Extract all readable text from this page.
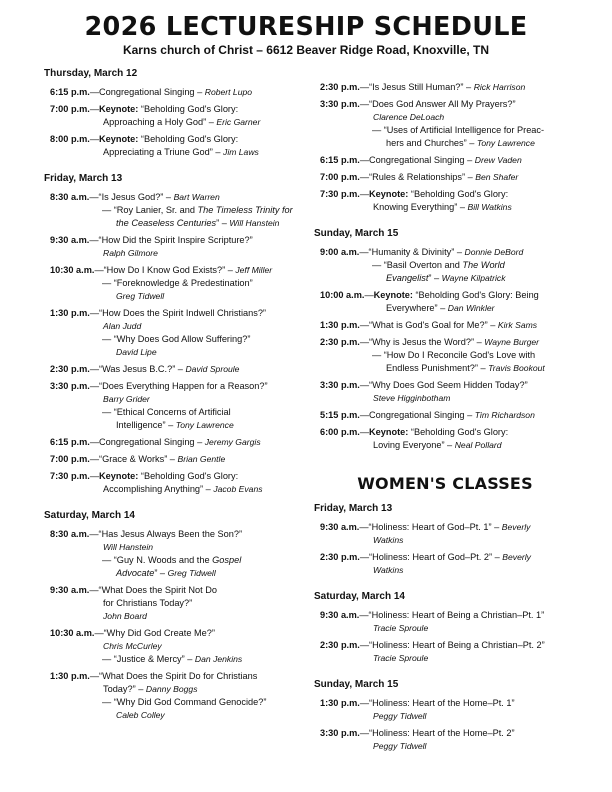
2026 LECTURESHIP SCHEDULE
Karns church of Christ – 6612 Beaver Ridge Road, Knoxville, TN
Thursday, March 12
6:15 p.m.—Congregational Singing – Robert Lupo
7:00 p.m.—Keynote: “Beholding God's Glory:
Approaching a Holy God” – Eric Garner
8:00 p.m.—Keynote: “Beholding God's Glory:
Appreciating a Triune God” – Jim Laws
Friday, March 13
8:30 a.m.—“Is Jesus God?” – Bart Warren
— “Roy Lanier, Sr. and The Timeless Trinity for
the Ceaseless Centuries” – Will Hanstein
9:30 a.m.—“How Did the Spirit Inspire Scripture?”
Ralph Gilmore
10:30 a.m.—“How Do I Know God Exists?” – Jeff Miller
— “Foreknowledge & Predestination”
Greg Tidwell
1:30 p.m.—“How Does the Spirit Indwell Christians?”
Alan Judd
— “Why Does God Allow Suffering?”
David Lipe
2:30 p.m.—“Was Jesus B.C.?” – David Sproule
3:30 p.m.—“Does Everything Happen for a Reason?”
Barry Grider
— “Ethical Concerns of Artificial
Intelligence” – Tony Lawrence
6:15 p.m.—Congregational Singing – Jeremy Gargis
7:00 p.m.—“Grace & Works” – Brian Gentle
7:30 p.m.—Keynote: “Beholding God's Glory:
Accomplishing Anything” – Jacob Evans
Saturday, March 14
8:30 a.m.—“Has Jesus Always Been the Son?”
Will Hanstein
— “Guy N. Woods and the Gospel
Advocate” – Greg Tidwell
9:30 a.m.—“What Does the Spirit Not Do
for Christians Today?”
John Board
10:30 a.m.—“Why Did God Create Me?”
Chris McCurley
— “Justice & Mercy” – Dan Jenkins
1:30 p.m.—“What Does the Spirit Do for Christians
Today?” – Danny Boggs
— “Why Did God Command Genocide?”
Caleb Colley
2:30 p.m.—“Is Jesus Still Human?” – Rick Harrison
3:30 p.m.—“Does God Answer All My Prayers?”
Clarence DeLoach
— “Uses of Artificial Intelligence for Preac-
hers and Churches” – Tony Lawrence
6:15 p.m.—Congregational Singing – Drew Vaden
7:00 p.m.—“Rules & Relationships” – Ben Shafer
7:30 p.m.—Keynote: “Beholding God's Glory:
Knowing Everything” – Bill Watkins
Sunday, March 15
9:00 a.m.—“Humanity & Divinity” – Donnie DeBord
— “Basil Overton and The World
Evangelist” – Wayne Kilpatrick
10:00 a.m.—Keynote: “Beholding God's Glory: Being
Everywhere” – Dan Winkler
1:30 p.m.—“What is God's Goal for Me?” – Kirk Sams
2:30 p.m.—“Why is Jesus the Word?” – Wayne Burger
— “How Do I Reconcile God's Love with
Endless Punishment?” – Travis Bookout
3:30 p.m.—“Why Does God Seem Hidden Today?”
Steve Higginbotham
5:15 p.m.—Congregational Singing – Tim Richardson
6:00 p.m.—Keynote: “Beholding God's Glory:
Loving Everyone” – Neal Pollard
WOMEN'S CLASSES
Friday, March 13
9:30 a.m.—“Holiness: Heart of God–Pt. 1” – Beverly
Watkins
2:30 p.m.—“Holiness: Heart of God–Pt. 2” – Beverly
Watkins
Saturday, March 14
9:30 a.m.—“Holiness: Heart of Being a Christian–Pt. 1”
Tracie Sproule
2:30 p.m.—“Holiness: Heart of Being a Christian–Pt. 2”
Tracie Sproule
Sunday, March 15
1:30 p.m.—“Holiness: Heart of the Home–Pt. 1”
Peggy Tidwell
3:30 p.m.—“Holiness: Heart of the Home–Pt. 2”
Peggy Tidwell
